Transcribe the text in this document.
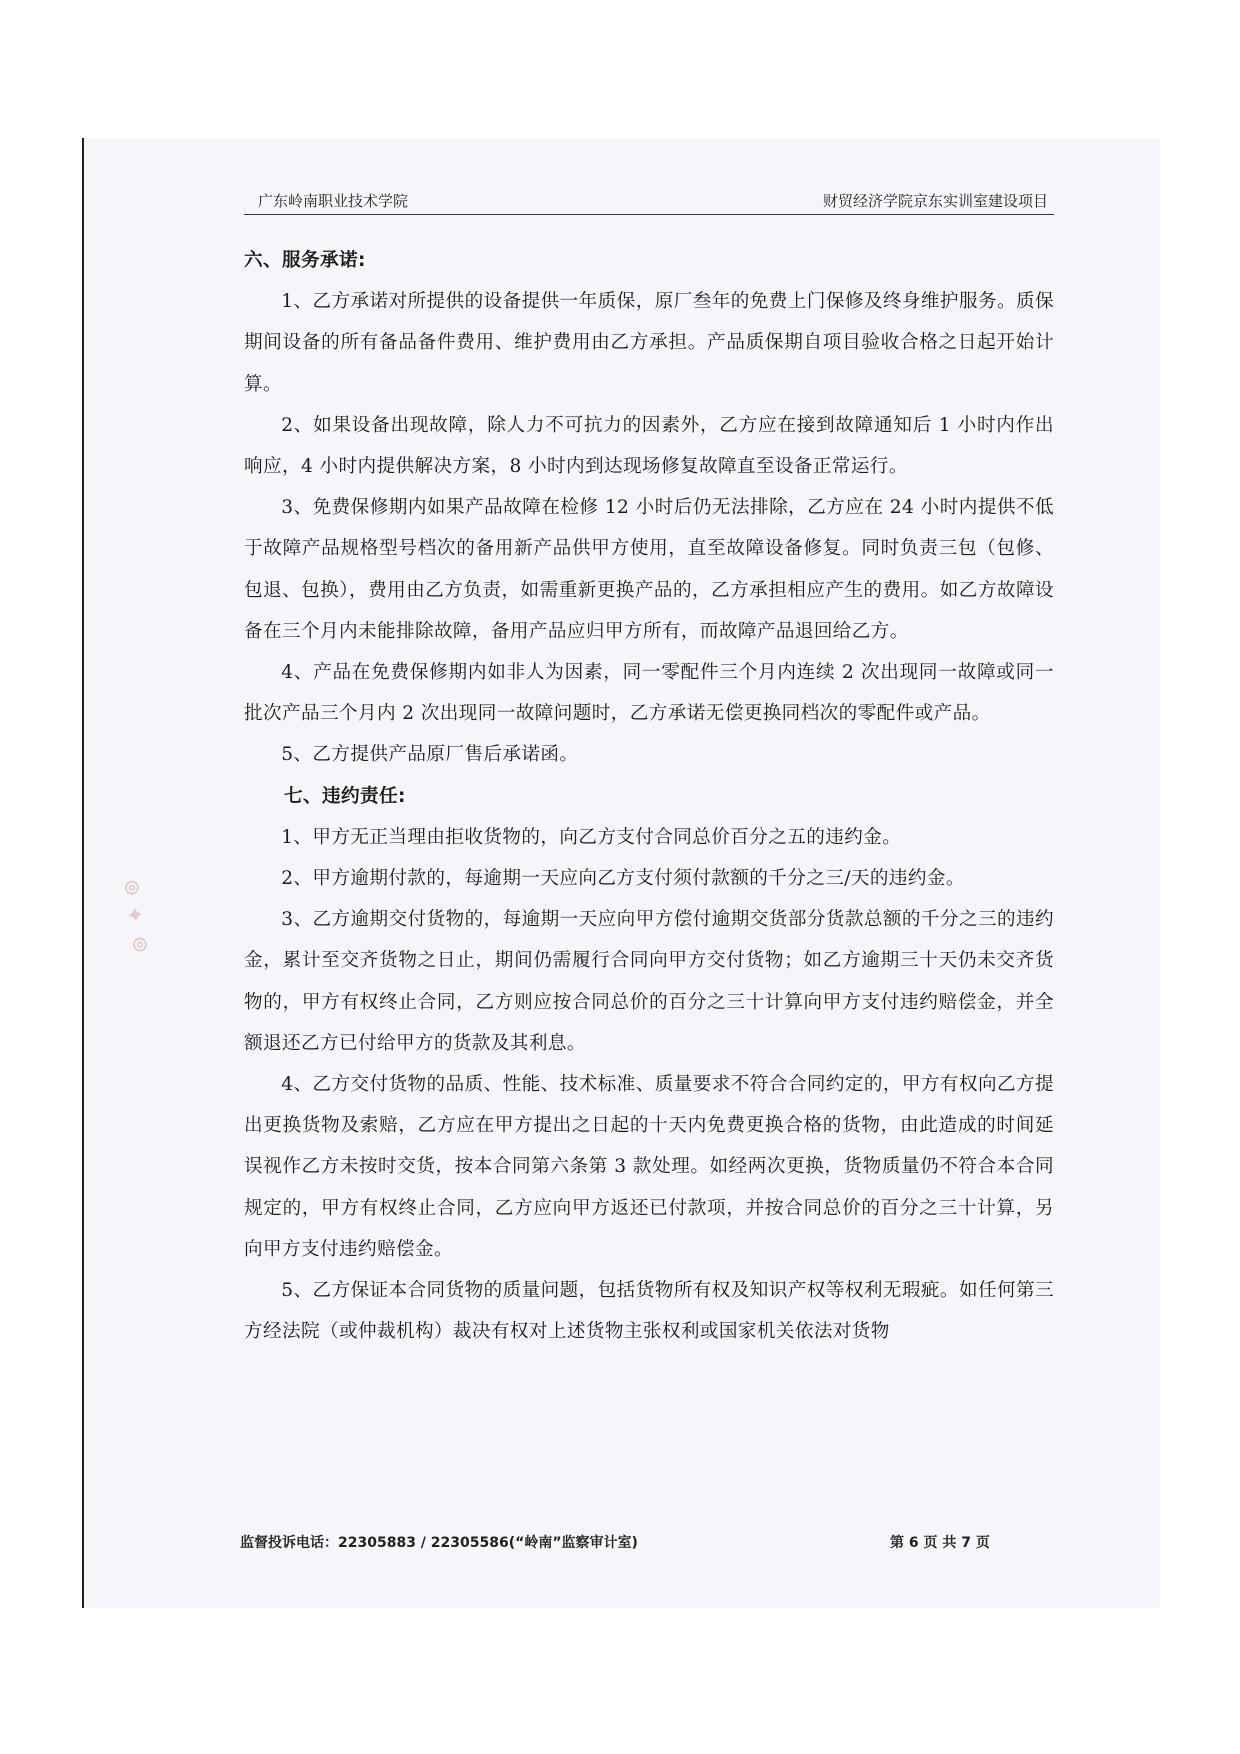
⊚ ✦ ⊚
广东岭南职业技术学院	财贸经济学院京东实训室建设项目
六、服务承诺:

1、乙方承诺对所提供的设备提供一年质保，原厂叁年的免费上门保修及终身维护服务。质保期间设备的所有备品备件费用、维护费用由乙方承担。产品质保期自项目验收合格之日起开始计算。

2、如果设备出现故障，除人力不可抗力的因素外，乙方应在接到故障通知后 1 小时内作出响应，4 小时内提供解决方案，8 小时内到达现场修复故障直至设备正常运行。

3、免费保修期内如果产品故障在检修 12 小时后仍无法排除，乙方应在 24 小时内提供不低于故障产品规格型号档次的备用新产品供甲方使用，直至故障设备修复。同时负责三包（包修、包退、包换），费用由乙方负责，如需重新更换产品的，乙方承担相应产生的费用。如乙方故障设备在三个月内未能排除故障，备用产品应归甲方所有，而故障产品退回给乙方。

4、产品在免费保修期内如非人为因素，同一零配件三个月内连续 2 次出现同一故障或同一批次产品三个月内 2 次出现同一故障问题时，乙方承诺无偿更换同档次的零配件或产品。

5、乙方提供产品原厂售后承诺函。

七、违约责任:

1、甲方无正当理由拒收货物的，向乙方支付合同总价百分之五的违约金。

2、甲方逾期付款的，每逾期一天应向乙方支付须付款额的千分之三/天的违约金。

3、乙方逾期交付货物的，每逾期一天应向甲方偿付逾期交货部分货款总额的千分之三的违约金，累计至交齐货物之日止，期间仍需履行合同向甲方交付货物；如乙方逾期三十天仍未交齐货物的，甲方有权终止合同，乙方则应按合同总价的百分之三十计算向甲方支付违约赔偿金，并全额退还乙方已付给甲方的货款及其利息。

4、乙方交付货物的品质、性能、技术标准、质量要求不符合合同约定的，甲方有权向乙方提出更换货物及索赔，乙方应在甲方提出之日起的十天内免费更换合格的货物，由此造成的时间延误视作乙方未按时交货，按本合同第六条第 3 款处理。如经两次更换，货物质量仍不符合本合同规定的，甲方有权终止合同，乙方应向甲方返还已付款项，并按合同总价的百分之三十计算，另向甲方支付违约赔偿金。

5、乙方保证本合同货物的质量问题，包括货物所有权及知识产权等权利无瑕疵。如任何第三方经法院（或仲裁机构）裁决有权对上述货物主张权利或国家机关依法对货物

监督投诉电话：22305883 / 22305586(“岭南”监察审计室)	第 6 页 共 7 页
